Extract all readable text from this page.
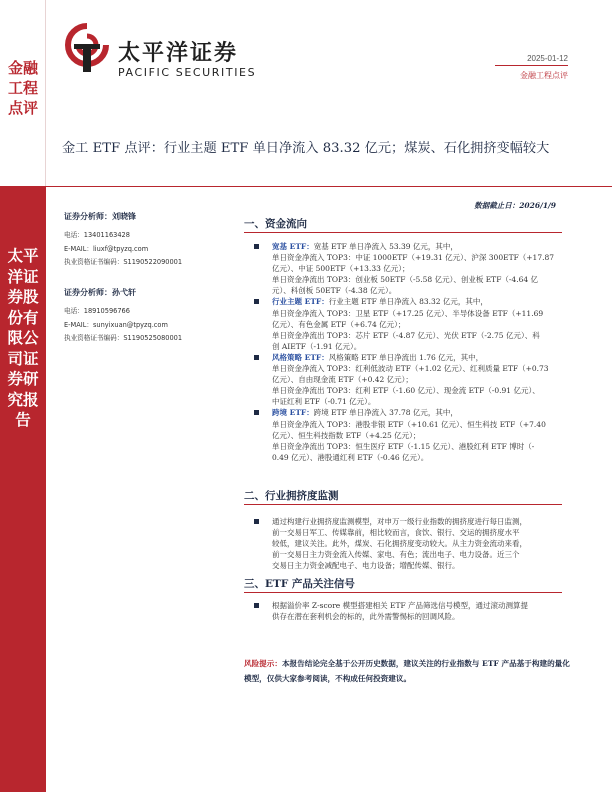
金融工程点评
太平洋证券股份有限公司证券研究报告
太平洋证券
PACIFIC SECURITIES
2025-01-12
金融工程点评
金工 ETF 点评：行业主题 ETF 单日净流入 83.32 亿元；煤炭、石化拥挤变幅较大
证券分析师：刘晓锋
电话：13401163428
E-MAIL：liuxf@tpyzq.com
执业资格证书编码：S1190522090001
证券分析师：孙弋轩
电话：18910596766
E-MAIL：sunyixuan@tpyzq.com
执业资格证书编码：S1190525080001
数据截止日：2026/1/9
一、资金流向
宽基 ETF：宽基 ETF 单日净流入 53.39 亿元，其中，
单日资金净流入 TOP3：中证 1000ETF（+19.31 亿元）、沪深 300ETF（+17.87
亿元）、中证 500ETF（+13.33 亿元）；
单日资金净流出 TOP3：创业板 50ETF（-5.58 亿元）、创业板 ETF（-4.64 亿
元）、科创板 50ETF（-4.38 亿元）。
行业主题 ETF：行业主题 ETF 单日净流入 83.32 亿元，其中，
单日资金净流入 TOP3：卫星 ETF（+17.25 亿元）、半导体设备 ETF（+11.69
亿元）、有色金属 ETF（+6.74 亿元）；
单日资金净流出 TOP3：芯片 ETF（-4.87 亿元）、光伏 ETF（-2.75 亿元）、科
创 AIETF（-1.91 亿元）。
风格策略 ETF：风格策略 ETF 单日净流出 1.76 亿元，其中，
单日资金净流入 TOP3：红利低波动 ETF（+1.02 亿元）、红利质量 ETF（+0.73
亿元）、自由现金流 ETF（+0.42 亿元）；
单日资金净流出 TOP3：红利 ETF（-1.60 亿元）、现金流 ETF（-0.91 亿元）、
中证红利 ETF（-0.71 亿元）。
跨境 ETF：跨境 ETF 单日净流入 37.78 亿元，其中，
单日资金净流入 TOP3：港股非银 ETF（+10.61 亿元）、恒生科技 ETF（+7.40
亿元）、恒生科技指数 ETF（+4.25 亿元）；
单日资金净流出 TOP3：恒生医疗 ETF（-1.15 亿元）、港股红利 ETF 博时（-
0.49 亿元）、港股通红利 ETF（-0.46 亿元）。
二、行业拥挤度监测
通过构建行业拥挤度监测模型，对申万一级行业指数的拥挤度进行每日监测，
前一交易日军工、传媒靠前，相比较而言，食饮、银行、交运的拥挤度水平
较低，建议关注。此外，煤炭、石化拥挤度变动较大。从主力资金流动来看，
前一交易日主力资金流入传媒、家电、有色；流出电子、电力设备。近三个
交易日主力资金减配电子、电力设备；增配传媒、银行。
三、ETF 产品关注信号
根据溢价率 Z-score 模型搭建相关 ETF 产品筛选信号模型，通过滚动测算提
供存在潜在套利机会的标的，此外需警惕标的回调风险。
风险提示：本报告结论完全基于公开历史数据，建议关注的行业指数与 ETF 产品基于构建的量化模型，仅供大家参考阅读，不构成任何投资建议。
